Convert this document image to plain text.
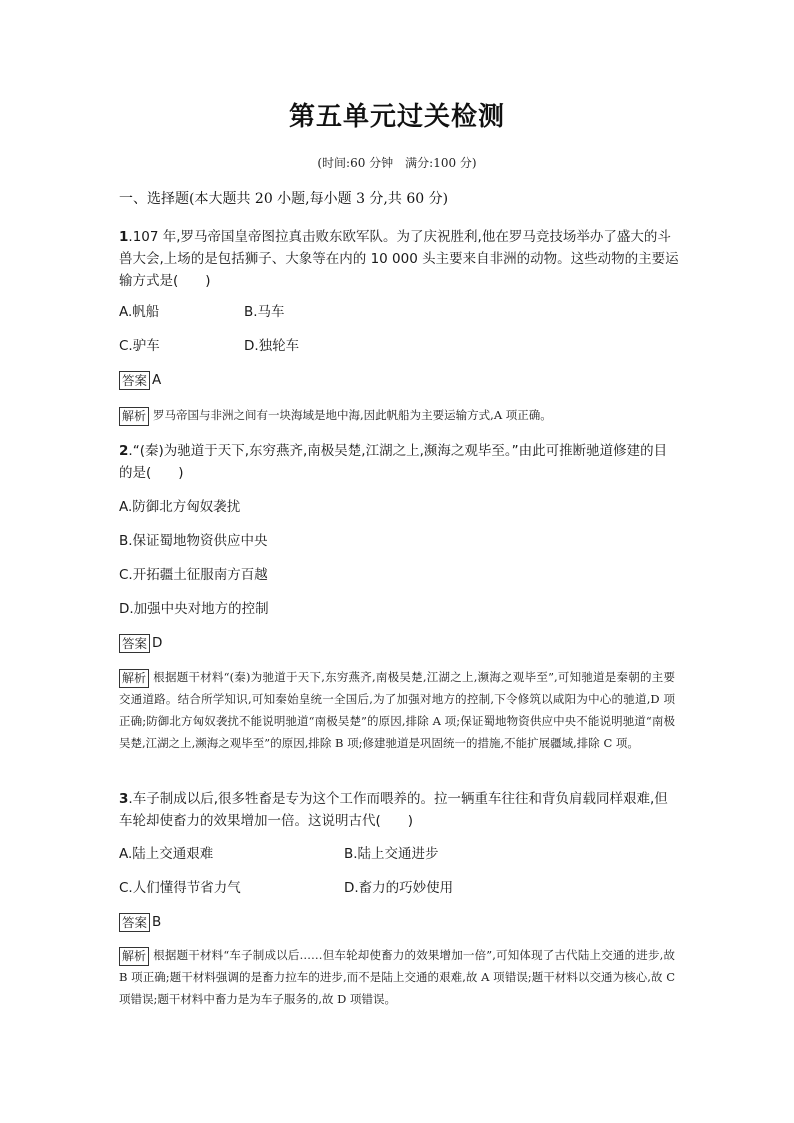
第五单元过关检测
(时间:60 分钟　满分:100 分)
一、选择题(本大题共 20 小题,每小题 3 分,共 60 分)
1.107 年,罗马帝国皇帝图拉真击败东欧军队。为了庆祝胜利,他在罗马竞技场举办了盛大的斗兽大会,上场的是包括狮子、大象等在内的 10 000 头主要来自非洲的动物。这些动物的主要运输方式是(　　)
A.帆船	B.马车
C.驴车	D.独轮车
答案 A
解析 罗马帝国与非洲之间有一块海域是地中海,因此帆船为主要运输方式,A 项正确。
2.“(秦)为驰道于天下,东穷燕齐,南极吴楚,江湖之上,濒海之观毕至。”由此可推断驰道修建的目的是(　　)
A.防御北方匈奴袭扰
B.保证蜀地物资供应中央
C.开拓疆土征服南方百越
D.加强中央对地方的控制
答案 D
解析 根据题干材料“(秦)为驰道于天下,东穷燕齐,南极吴楚,江湖之上,濒海之观毕至”,可知驰道是秦朝的主要交通道路。结合所学知识,可知秦始皇统一全国后,为了加强对地方的控制,下令修筑以咸阳为中心的驰道,D 项正确;防御北方匈奴袭扰不能说明驰道“南极吴楚”的原因,排除 A 项;保证蜀地物资供应中央不能说明驰道“南极吴楚,江湖之上,濒海之观毕至”的原因,排除 B 项;修建驰道是巩固统一的措施,不能扩展疆域,排除 C 项。
3.车子制成以后,很多牲畜是专为这个工作而喂养的。拉一辆重车往往和背负肩载同样艰难,但车轮却使畜力的效果增加一倍。这说明古代(　　)
A.陆上交通艰难	B.陆上交通进步
C.人们懂得节省力气	D.畜力的巧妙使用
答案 B
解析 根据题干材料“车子制成以后……但车轮却使畜力的效果增加一倍”,可知体现了古代陆上交通的进步,故 B 项正确;题干材料强调的是畜力拉车的进步,而不是陆上交通的艰难,故 A 项错误;题干材料以交通为核心,故 C 项错误;题干材料中畜力是为车子服务的,故 D 项错误。
